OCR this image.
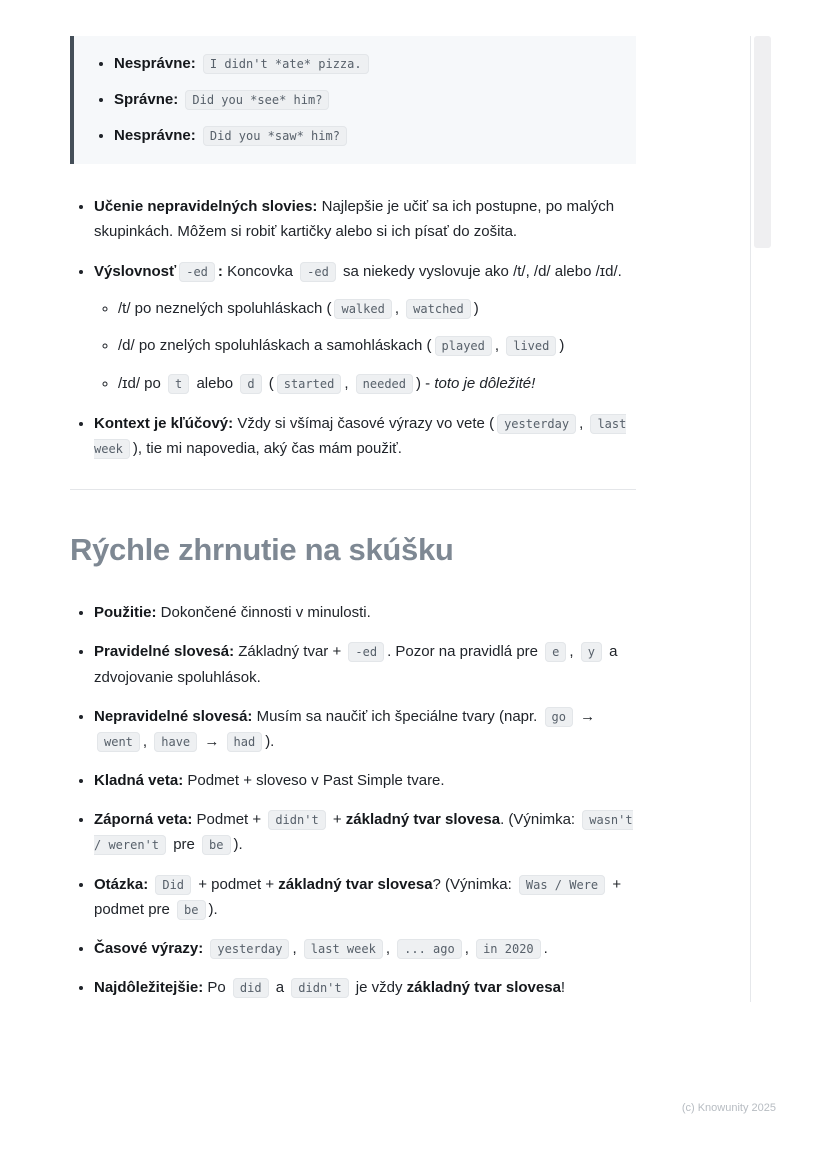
• Nesprávne: I didn't *ate* pizza.
• Správne: Did you *see* him?
• Nesprávne: Did you *saw* him?
• Učenie nepravidelných slovies: Najlepšie je učiť sa ich postupne, po malých skupinkách. Môžem si robiť kartičky alebo si ich písať do zošita.
• Výslovnosť -ed : Koncovka -ed sa niekedy vyslovuje ako /t/, /d/ alebo /ɪd/.
◦ /t/ po neznelých spoluhláskach ( walked , watched )
◦ /d/ po znelých spoluhláskach a samohláskach ( played , lived )
◦ /ɪd/ po t alebo d ( started , needed ) - toto je dôležité!
• Kontext je kľúčový: Vždy si všímaj časové výrazy vo vete ( yesterday , last week ), tie mi napovedia, aký čas mám použiť.
Rýchle zhrnutie na skúšku
• Použitie: Dokončené činnosti v minulosti.
• Pravidelné slovesá: Základný tvar + -ed . Pozor na pravidlá pre e , y a zdvojovanie spoluhlások.
• Nepravidelné slovesá: Musím sa naučiť ich špeciálne tvary (napr. go → went , have → had ).
• Kladná veta: Podmet + sloveso v Past Simple tvare.
• Záporná veta: Podmet + didn't + základný tvar slovesa. (Výnimka: wasn't / weren't pre be ).
• Otázka: Did + podmet + základný tvar slovesa? (Výnimka: Was / Were + podmet pre be ).
• Časové výrazy: yesterday , last week , ... ago , in 2020 .
• Najdôležitejšie: Po did a didn't je vždy základný tvar slovesa!
(c) Knowunity 2025
